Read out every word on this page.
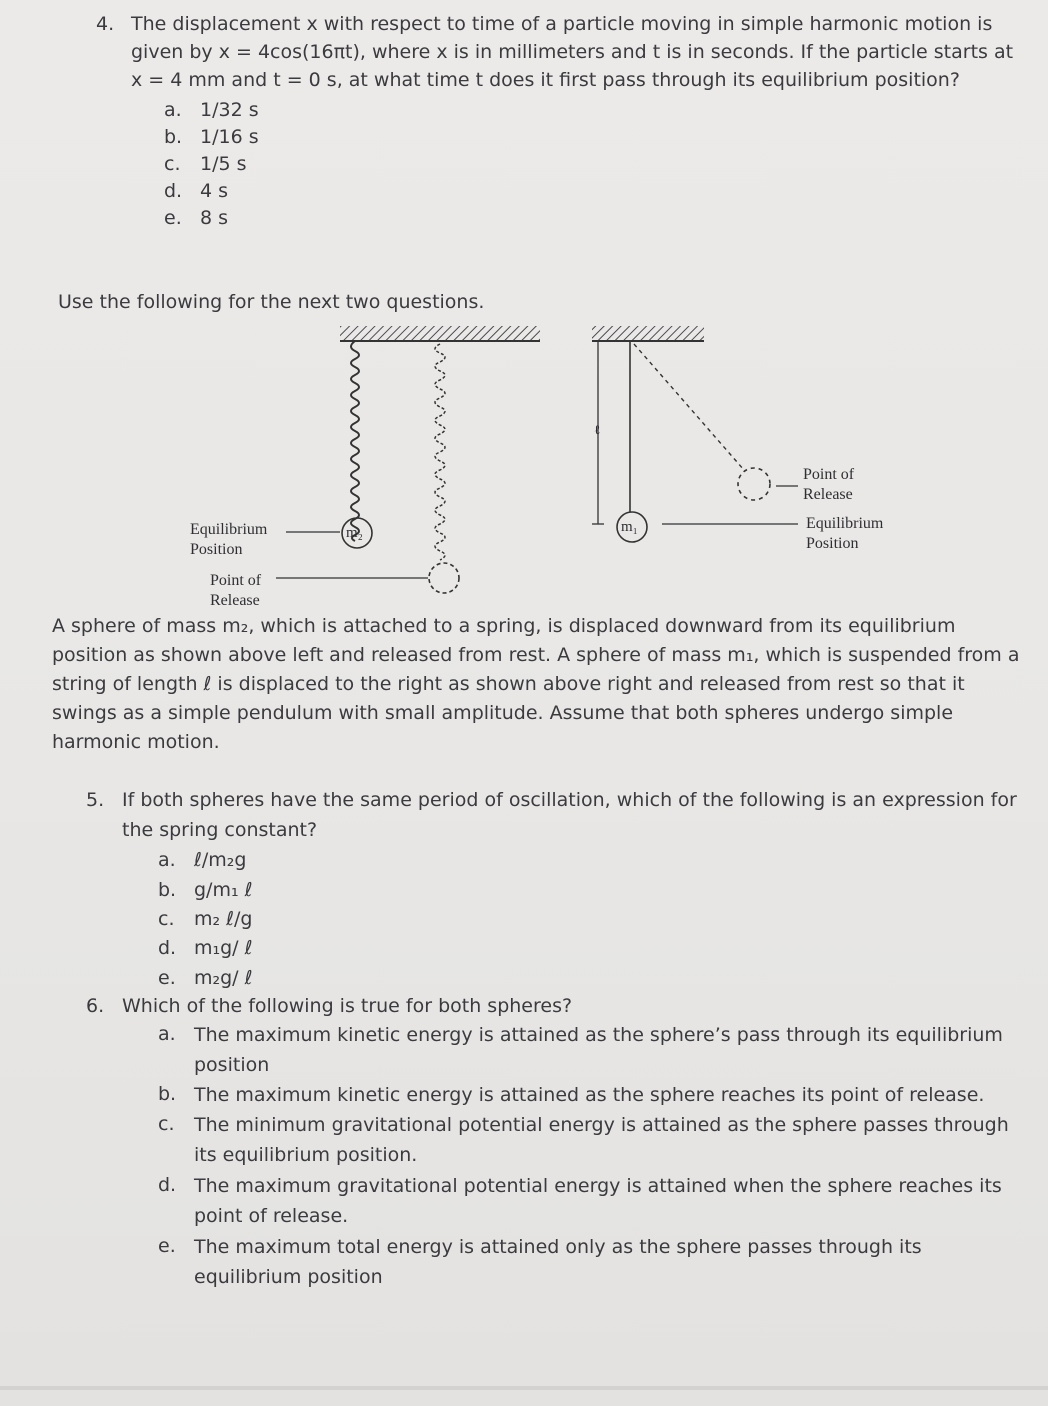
4. The displacement x with respect to time of a particle moving in simple harmonic motion is
given by x = 4cos(16πt), where x is in millimeters and t is in seconds. If the particle starts at
x = 4 mm and t = 0 s, at what time t does it first pass through its equilibrium position?
a. 1/32 s
b. 1/16 s
c. 1/5 s
d. 4 s
e. 8 s
Use the following for the next two questions.
m₂	m₁
ℓ
Equilibrium
Position
Point of
Release
Point of
Release
Equilibrium
Position
A sphere of mass m₂, which is attached to a spring, is displaced downward from its equilibrium
position as shown above left and released from rest. A sphere of mass m₁, which is suspended from a
string of length ℓ is displaced to the right as shown above right and released from rest so that it
swings as a simple pendulum with small amplitude. Assume that both spheres undergo simple
harmonic motion.
5. If both spheres have the same period of oscillation, which of the following is an expression for
the spring constant?
a. ℓ/m₂g
b. g/m₁ ℓ
c. m₂ ℓ/g
d. m₁g/ ℓ
e. m₂g/ ℓ
6. Which of the following is true for both spheres?
a. The maximum kinetic energy is attained as the sphere’s pass through its equilibrium
position
b. The maximum kinetic energy is attained as the sphere reaches its point of release.
c.	The minimum gravitational potential energy is attained as the sphere passes through
its equilibrium position.
d. The maximum gravitational potential energy is attained when the sphere reaches its
point of release.
e. The maximum total energy is attained only as the sphere passes through its
equilibrium position
